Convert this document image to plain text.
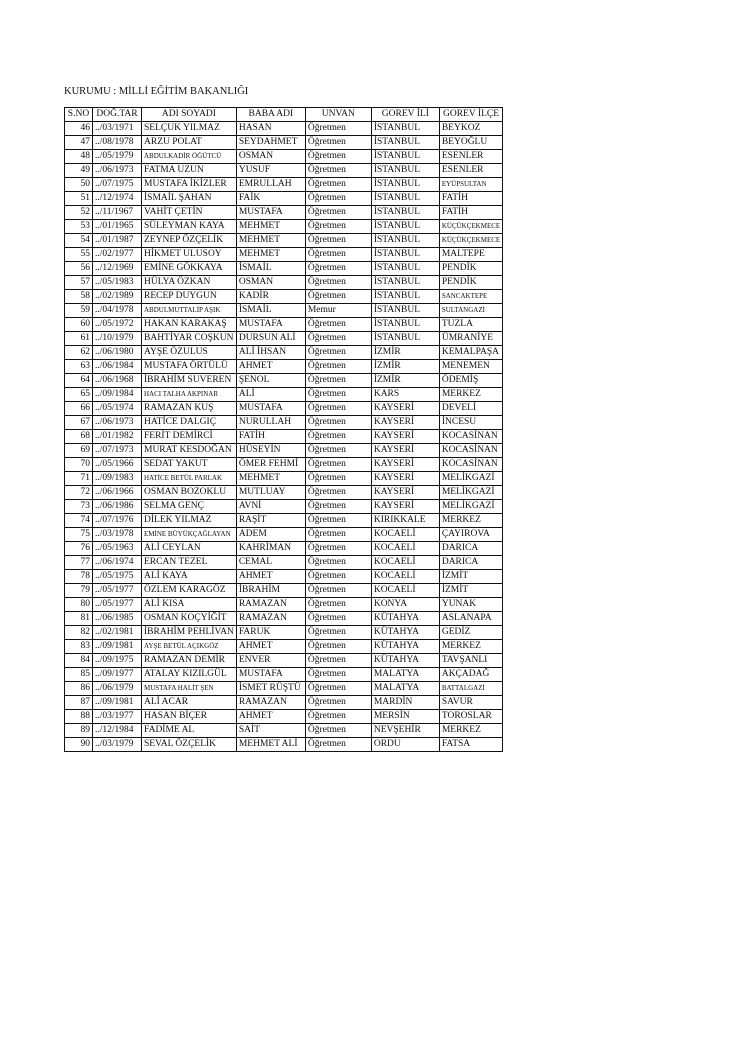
KURUMU : MİLLİ EĞİTİM BAKANLIĞI
S.NO	DOĞ.TAR	ADI SOYADI	BABA ADI	UNVAN	GOREV İLİ	GOREV İLÇE
46	../03/1971	SELÇUK YILMAZ	HASAN	Öğretmen	İSTANBUL	BEYKOZ
47	../08/1978	ARZU POLAT	SEYDAHMET	Öğretmen	İSTANBUL	BEYOĞLU
48	../05/1979	ABDULKADİR ÖĞÜTCÜ	OSMAN	Öğretmen	İSTANBUL	ESENLER
49	../06/1973	FATMA UZUN	YUSUF	Öğretmen	İSTANBUL	ESENLER
50	../07/1975	MUSTAFA İKİZLER	EMRULLAH	Öğretmen	İSTANBUL	EYÜPSULTAN
51	../12/1974	İSMAİL ŞAHAN	FAİK	Öğretmen	İSTANBUL	FATİH
52	../11/1967	VAHİT ÇETİN	MUSTAFA	Öğretmen	İSTANBUL	FATİH
53	../01/1965	SÜLEYMAN KAYA	MEHMET	Öğretmen	İSTANBUL	KÜÇÜKÇEKMECE
54	../01/1987	ZEYNEP ÖZÇELİK	MEHMET	Öğretmen	İSTANBUL	KÜÇÜKÇEKMECE
55	../02/1977	HİKMET ULUSOY	MEHMET	Öğretmen	İSTANBUL	MALTEPE
56	../12/1969	EMİNE GÖKKAYA	İSMAİL	Öğretmen	İSTANBUL	PENDİK
57	../05/1983	HÜLYA ÖZKAN	OSMAN	Öğretmen	İSTANBUL	PENDİK
58	../02/1989	RECEP DUYGUN	KADİR	Öğretmen	İSTANBUL	SANCAKTEPE
59	../04/1978	ABDULMUTTALİP AŞIK	İSMAİL	Memur	İSTANBUL	SULTANGAZİ
60	../05/1972	HAKAN KARAKAŞ	MUSTAFA	Öğretmen	İSTANBUL	TUZLA
61	../10/1979	BAHTİYAR COŞKUN	DURSUN ALİ	Öğretmen	İSTANBUL	ÜMRANİYE
62	../06/1980	AYŞE ÖZULUS	ALİ İHSAN	Öğretmen	İZMİR	KEMALPAŞA
63	../06/1984	MUSTAFA ÖRTÜLÜ	AHMET	Öğretmen	İZMİR	MENEMEN
64	../06/1968	İBRAHİM SUVEREN	ŞENOL	Öğretmen	İZMİR	ÖDEMİŞ
65	../09/1984	HACI TALHA AKPINAR	ALİ	Öğretmen	KARS	MERKEZ
66	../05/1974	RAMAZAN KUŞ	MUSTAFA	Öğretmen	KAYSERİ	DEVELİ
67	../06/1973	HATİCE DALGIÇ	NURULLAH	Öğretmen	KAYSERİ	İNCESU
68	../01/1982	FERİT DEMİRCİ	FATİH	Öğretmen	KAYSERİ	KOCASİNAN
69	../07/1973	MURAT KESDOĞAN	HÜSEYİN	Öğretmen	KAYSERİ	KOCASİNAN
70	../05/1966	SEDAT YAKUT	ÖMER FEHMİ	Öğretmen	KAYSERİ	KOCASİNAN
71	../09/1983	HATİCE BETÜL PARLAK	MEHMET	Öğretmen	KAYSERİ	MELİKGAZİ
72	../06/1966	OSMAN BOZOKLU	MUTLUAY	Öğretmen	KAYSERİ	MELİKGAZİ
73	../06/1986	SELMA GENÇ	AVNİ	Öğretmen	KAYSERİ	MELİKGAZİ
74	../07/1976	DİLEK YILMAZ	RAŞİT	Öğretmen	KIRIKKALE	MERKEZ
75	../03/1978	EMİNE BÜYÜKÇAĞLAYAN	ADEM	Öğretmen	KOCAELİ	ÇAYIROVA
76	../05/1963	ALİ CEYLAN	KAHRİMAN	Öğretmen	KOCAELİ	DARICA
77	../06/1974	ERCAN TEZEL	CEMAL	Öğretmen	KOCAELİ	DARICA
78	../05/1975	ALİ KAYA	AHMET	Öğretmen	KOCAELİ	İZMİT
79	../05/1977	ÖZLEM KARAGÖZ	İBRAHİM	Öğretmen	KOCAELİ	İZMİT
80	../05/1977	ALİ KISA	RAMAZAN	Öğretmen	KONYA	YUNAK
81	../06/1985	OSMAN KOÇYİĞİT	RAMAZAN	Öğretmen	KÜTAHYA	ASLANAPA
82	../02/1981	İBRAHİM PEHLİVAN	FARUK	Öğretmen	KÜTAHYA	GEDİZ
83	../09/1981	AYŞE BETÜL AÇIKGÖZ	AHMET	Öğretmen	KÜTAHYA	MERKEZ
84	../09/1975	RAMAZAN DEMİR	ENVER	Öğretmen	KÜTAHYA	TAVŞANLI
85	../09/1977	ATALAY KIZILGÜL	MUSTAFA	Öğretmen	MALATYA	AKÇADAĞ
86	../06/1979	MUSTAFA HALİT ŞEN	İSMET RÜŞTÜ	Öğretmen	MALATYA	BATTALGAZİ
87	../09/1981	ALİ ACAR	RAMAZAN	Öğretmen	MARDİN	SAVUR
88	../03/1977	HASAN BİÇER	AHMET	Öğretmen	MERSİN	TOROSLAR
89	../12/1984	FADİME AL	SAİT	Öğretmen	NEVŞEHİR	MERKEZ
90	../03/1979	SEVAL ÖZÇELİK	MEHMET ALİ	Öğretmen	ORDU	FATSA
